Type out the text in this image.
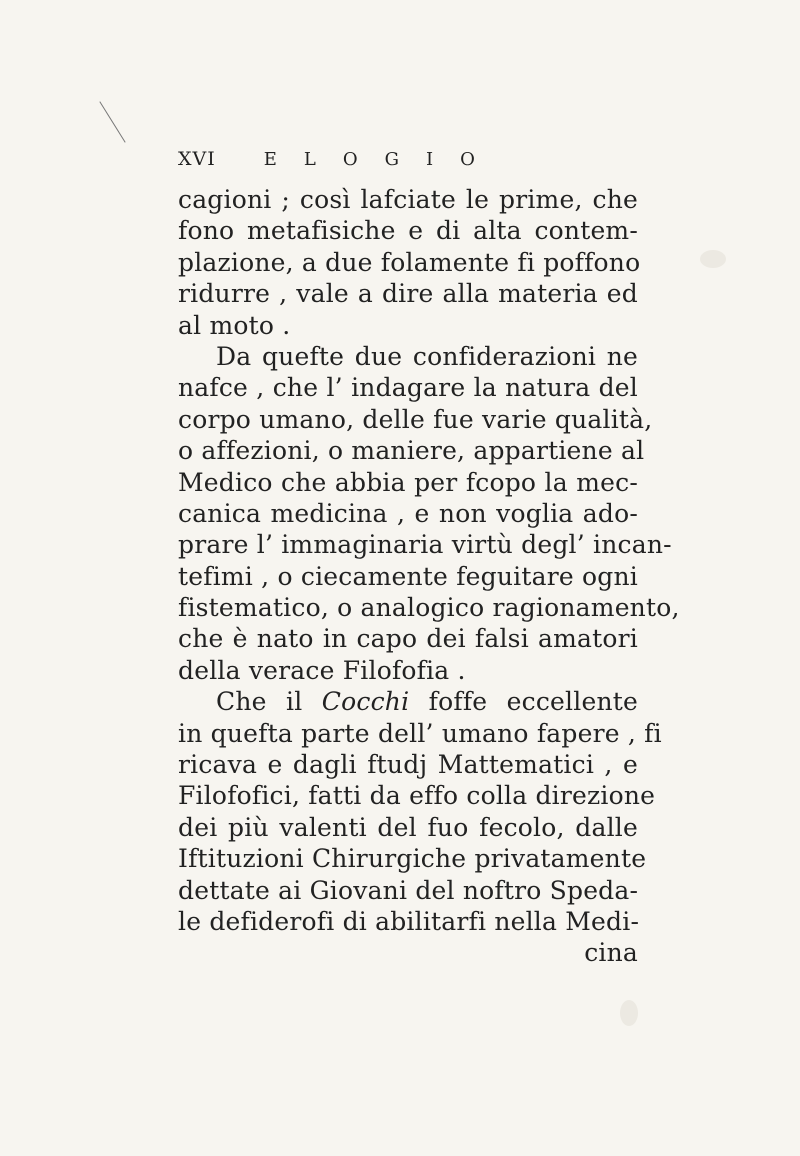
XVI	ELOGIO
cagioni ; così lafciate le prime, che
fono metafisiche e di alta contem-
plazione, a due folamente fi poffono
ridurre , vale a dire alla materia ed
al moto .
Da quefte due confiderazioni ne
nafce , che l’ indagare la natura del
corpo umano, delle fue varie qualità,
o affezioni, o maniere, appartiene al
Medico che abbia per fcopo la mec-
canica medicina , e non voglia ado-
prare l’ immaginaria virtù degl’ incan-
tefimi , o ciecamente feguitare ogni
fistematico, o analogico ragionamento,
che è nato in capo dei falsi amatori
della verace Filofofia .
Che il Cocchi foffe eccellente
in quefta parte dell’ umano fapere , fi
ricava e dagli ftudj Mattematici , e
Filofofici, fatti da effo colla direzione
dei più valenti del fuo fecolo, dalle
Iftituzioni Chirurgiche privatamente
dettate ai Giovani del noftro Speda-
le defiderofi di abilitarfi nella Medi-
cina
